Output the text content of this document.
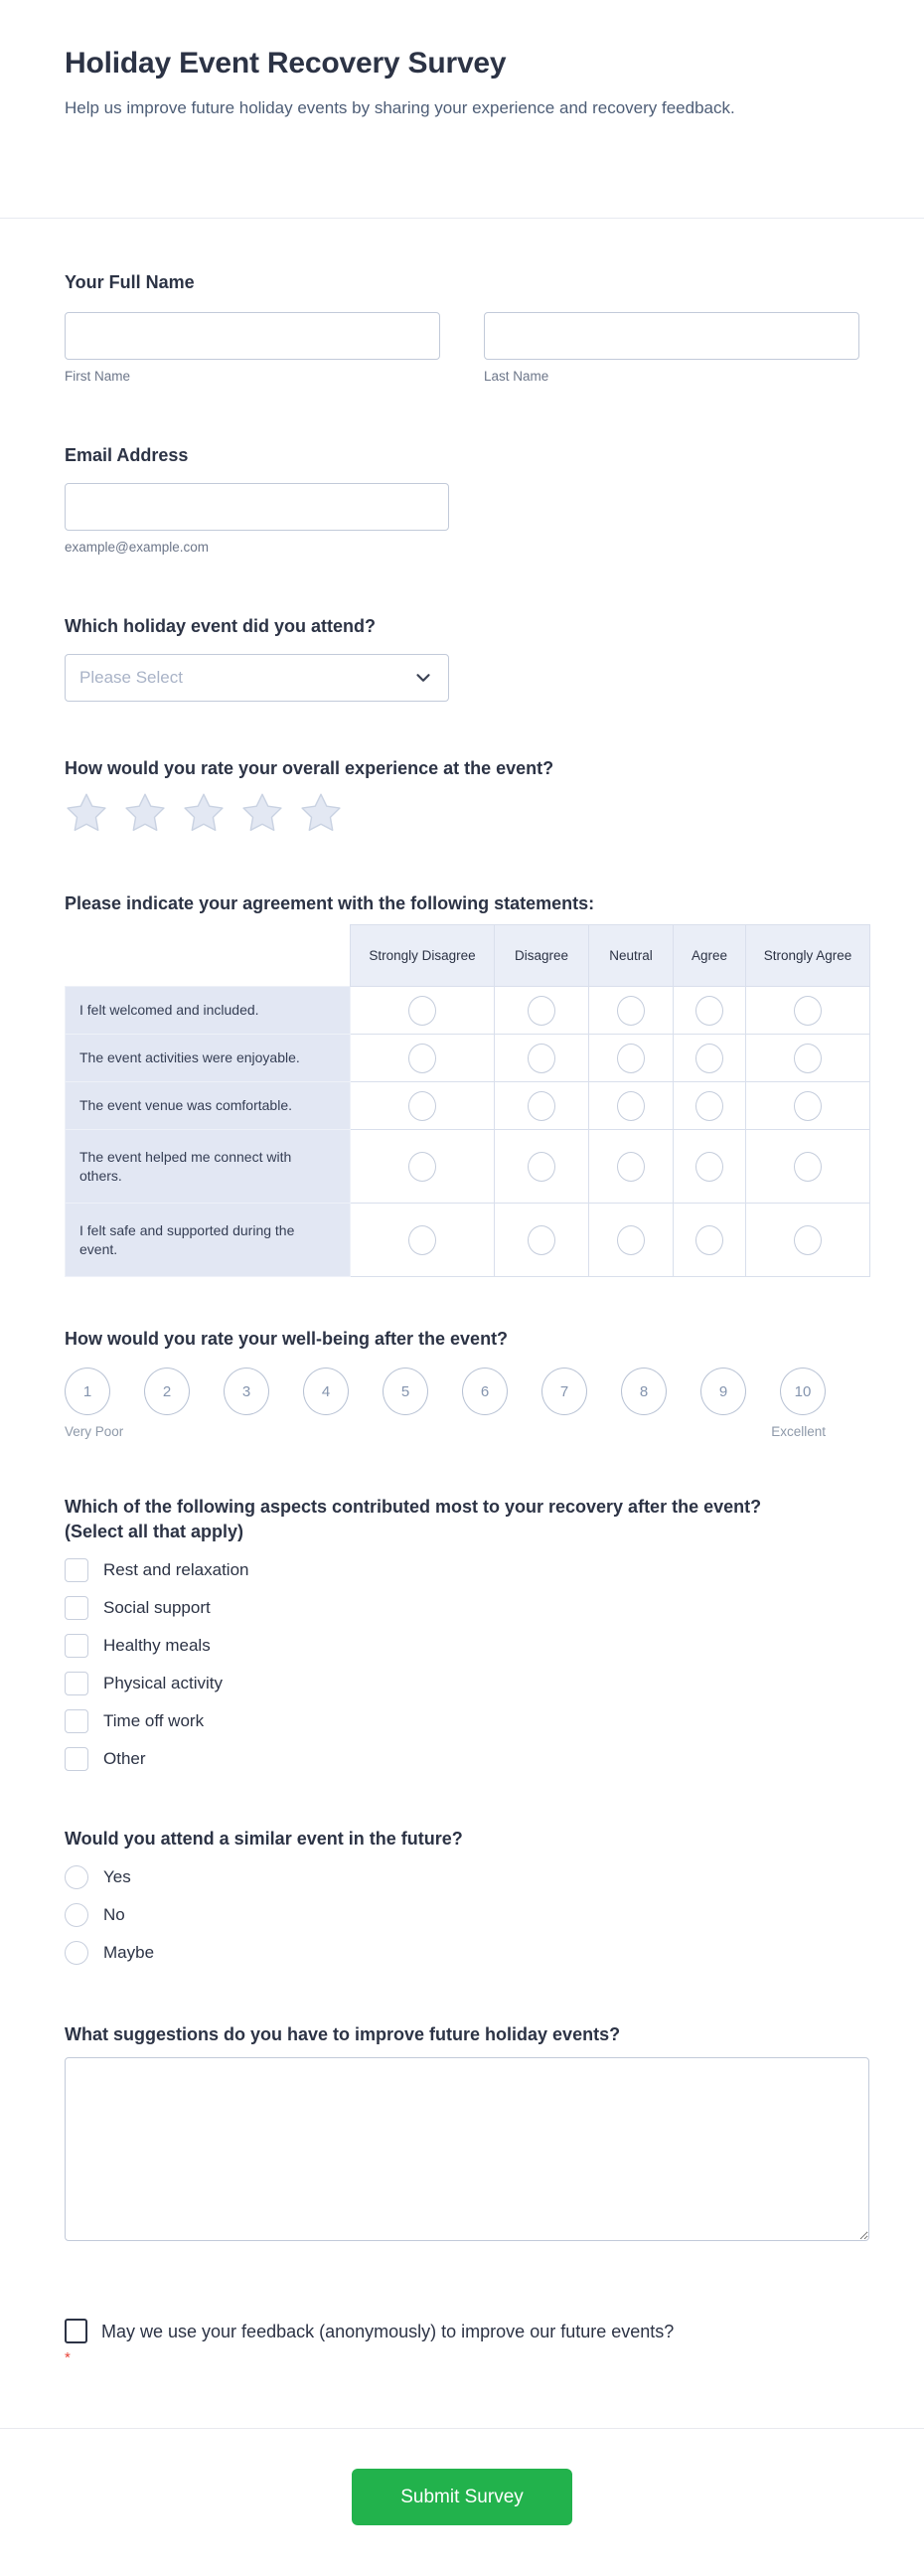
Holiday Event Recovery Survey

Help us improve future holiday events by sharing your experience and recovery feedback.

Your Full Name
First Name	Last Name
Email Address
example@example.com
Which holiday event did you attend?
Please Select
How would you rate your overall experience at the event?
Please indicate your agreement with the following statements:
	Strongly Disagree	Disagree	Neutral	Agree	Strongly Agree
I felt welcomed and included.					
The event activities were enjoyable.					
The event venue was comfortable.					
The event helped me connect with others.					
I felt safe and supported during the event.					
How would you rate your well-being after the event?
1	2	3	4	5	6	7	8	9	10
Very Poor	Excellent
Which of the following aspects contributed most to your recovery after the event?
(Select all that apply)
Rest and relaxation
Social support
Healthy meals
Physical activity
Time off work
Other
Would you attend a similar event in the future?
Yes
No
Maybe
What suggestions do you have to improve future holiday events?
*
May we use your feedback (anonymously) to improve our future events?
Submit Survey
